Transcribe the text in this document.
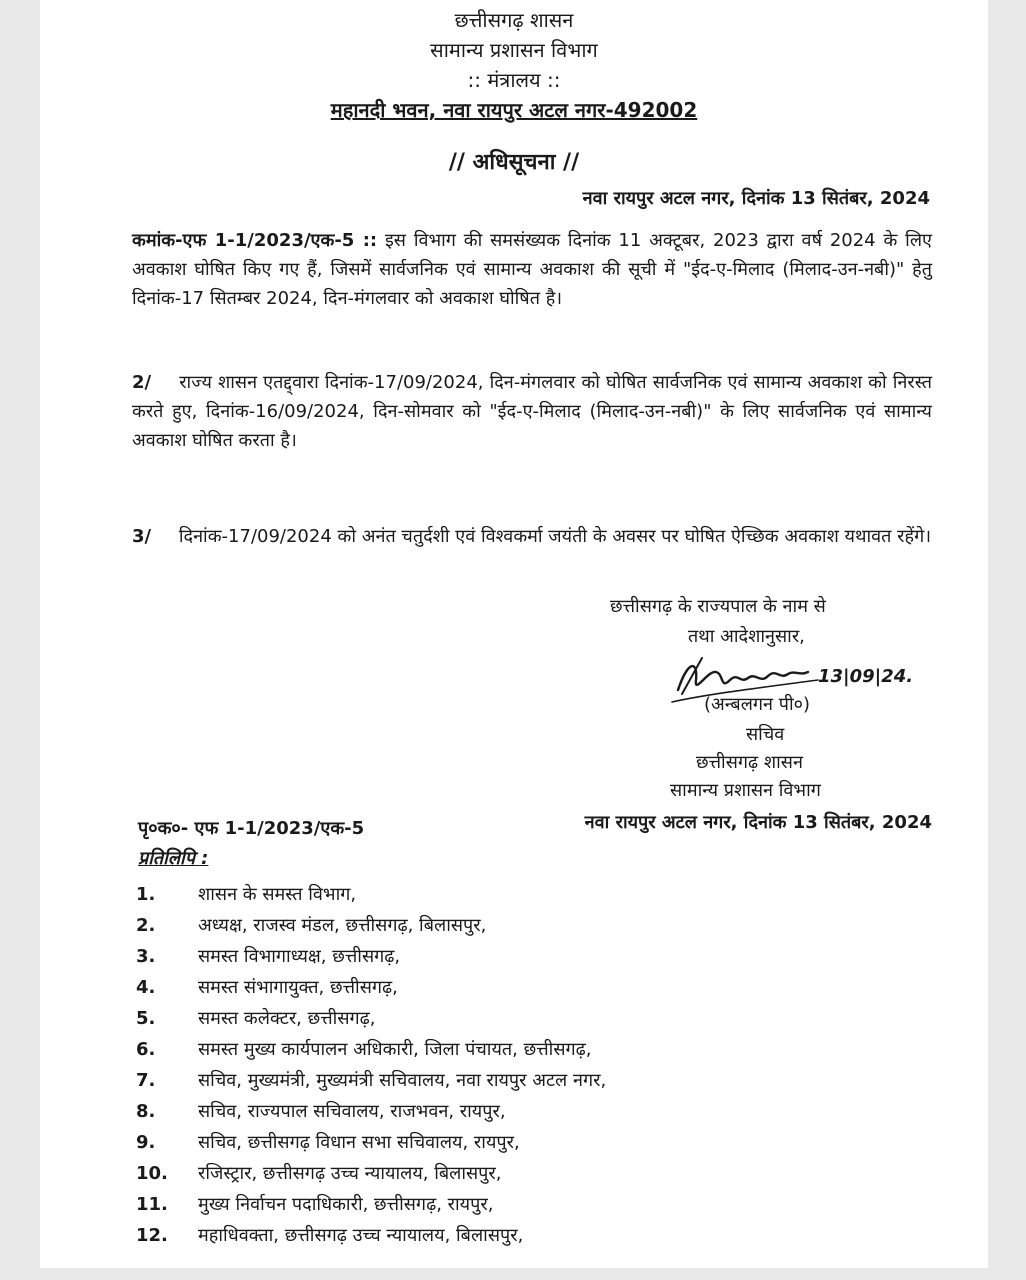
छत्तीसगढ़ शासन
सामान्य प्रशासन विभाग
:: मंत्रालय ::
महानदी भवन, नवा रायपुर अटल नगर-492002
// अधिसूचना //
नवा रायपुर अटल नगर, दिनांक 13 सितंबर, 2024
कमांक-एफ 1-1/2023/एक-5 :: इस विभाग की समसंख्यक दिनांक 11 अक्टूबर, 2023 द्वारा वर्ष 2024 के लिए अवकाश घोषित किए गए हैं, जिसमें सार्वजनिक एवं सामान्य अवकाश की सूची में "ईद-ए-मिलाद (मिलाद-उन-नबी)" हेतु दिनांक-17 सितम्बर 2024, दिन-मंगलवार को अवकाश घोषित है।
2/ राज्य शासन एतद्द्वारा दिनांक-17/09/2024, दिन-मंगलवार को घोषित सार्वजनिक एवं सामान्य अवकाश को निरस्त करते हुए, दिनांक-16/09/2024, दिन-सोमवार को "ईद-ए-मिलाद (मिलाद-उन-नबी)" के लिए सार्वजनिक एवं सामान्य अवकाश घोषित करता है।
3/ दिनांक-17/09/2024 को अनंत चतुर्दशी एवं विश्वकर्मा जयंती के अवसर पर घोषित ऐच्छिक अवकाश यथावत रहेंगे।
छत्तीसगढ़ के राज्यपाल के नाम से
तथा आदेशानुसार,
13|09|24.
(अन्बलगन पी०)
सचिव
छत्तीसगढ़ शासन
सामान्य प्रशासन विभाग
पृ०क०- एफ 1-1/2023/एक-5	नवा रायपुर अटल नगर, दिनांक 13 सितंबर, 2024
प्रतिलिपि :
1. शासन के समस्त विभाग,
2. अध्यक्ष, राजस्व मंडल, छत्तीसगढ़, बिलासपुर,
3. समस्त विभागाध्यक्ष, छत्तीसगढ़,
4. समस्त संभागायुक्त, छत्तीसगढ़,
5. समस्त कलेक्टर, छत्तीसगढ़,
6. समस्त मुख्य कार्यपालन अधिकारी, जिला पंचायत, छत्तीसगढ़,
7. सचिव, मुख्यमंत्री, मुख्यमंत्री सचिवालय, नवा रायपुर अटल नगर,
8. सचिव, राज्यपाल सचिवालय, राजभवन, रायपुर,
9. सचिव, छत्तीसगढ़ विधान सभा सचिवालय, रायपुर,
10. रजिस्ट्रार, छत्तीसगढ़ उच्च न्यायालय, बिलासपुर,
11. मुख्य निर्वाचन पदाधिकारी, छत्तीसगढ़, रायपुर,
12. महाधिवक्ता, छत्तीसगढ़ उच्च न्यायालय, बिलासपुर,
